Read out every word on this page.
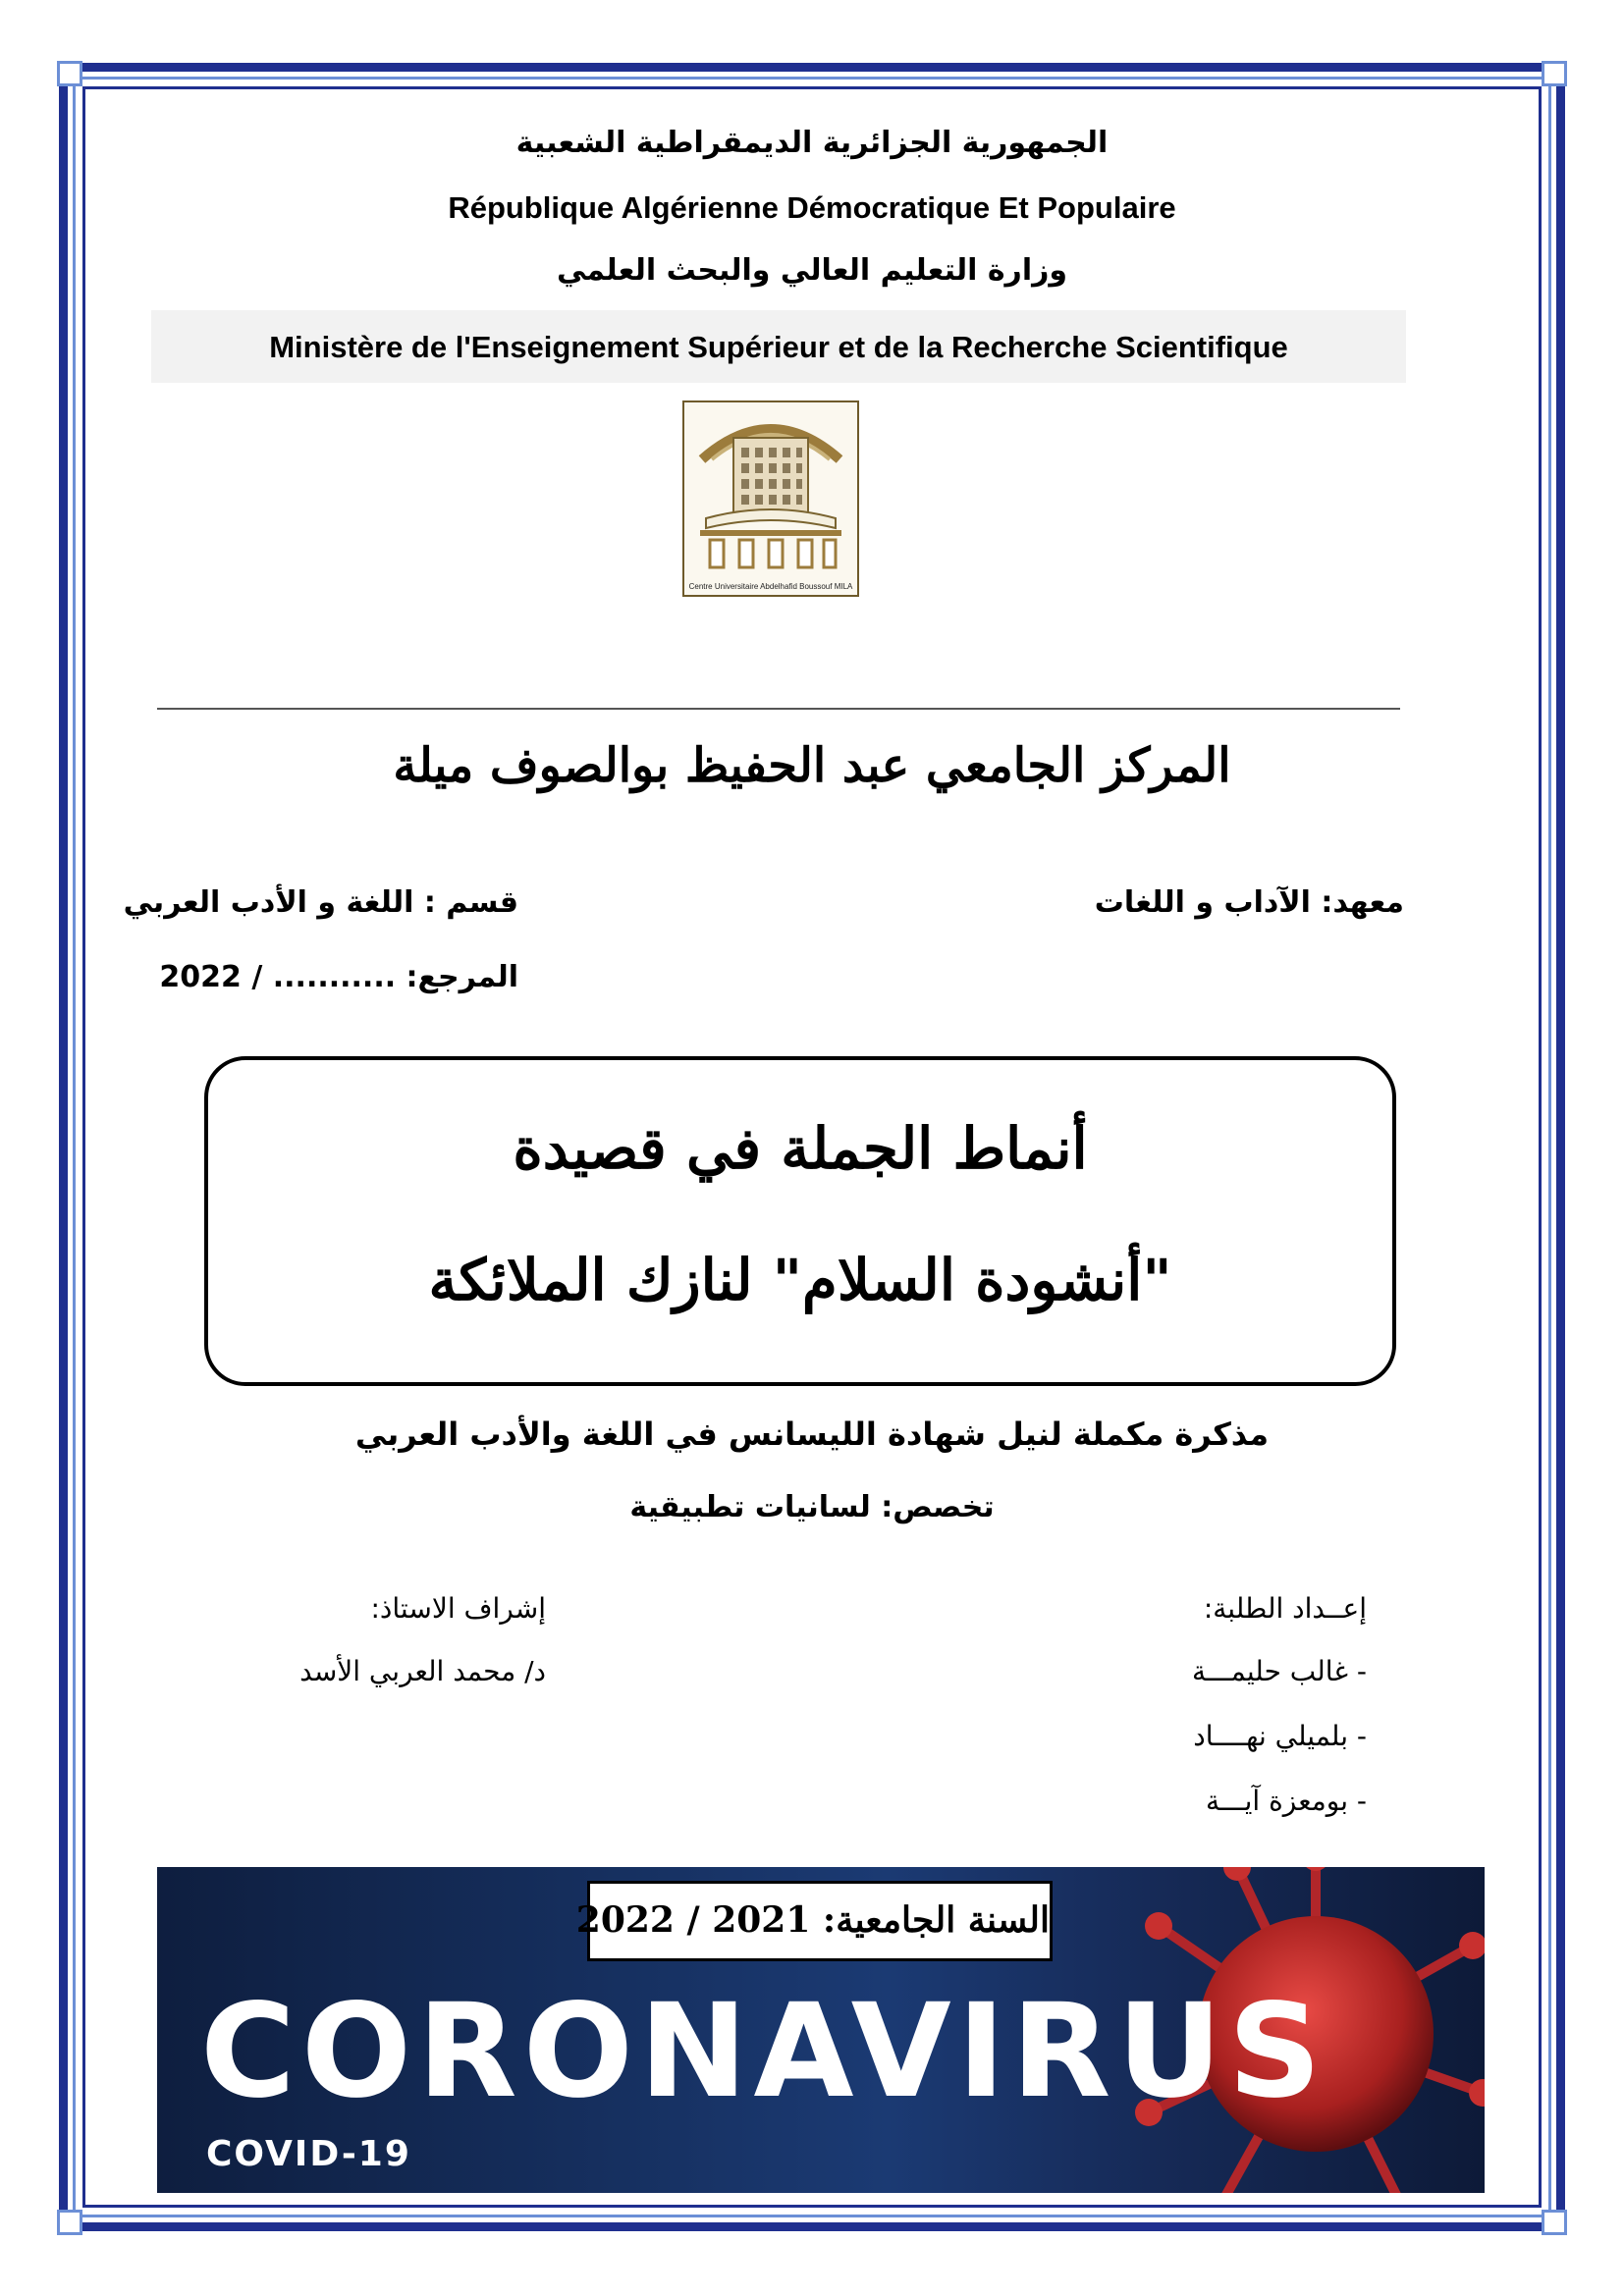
الجمهورية الجزائرية الديمقراطية الشعبية
République Algérienne Démocratique Et Populaire
وزارة التعليم العالي والبحث العلمي
Ministère de l'Enseignement Supérieur et de la Recherche Scientifique
Centre Universitaire Abdelhafid Boussouf MILA
المركز الجامعي عبد الحفيظ بوالصوف ميلة
معهد: الآداب و اللغات
قسم : اللغة و الأدب العربي
المرجع: ........... / 2022
أنماط الجملة في قصيدة
"أنشودة السلام" لنازك الملائكة
مذكرة مكملة لنيل شهادة الليسانس في اللغة والأدب العربي
تخصص: لسانيات تطبيقية
إعــداد الطلبة:
- غالب حليمـــة
- بلميلي نهــــاد
- بومعزة آيـــة
إشراف الاستاذ:
د/ محمد العربي الأسد
CORONAVIRUS
COVID-19
السنة الجامعية: 2021 / 2022
